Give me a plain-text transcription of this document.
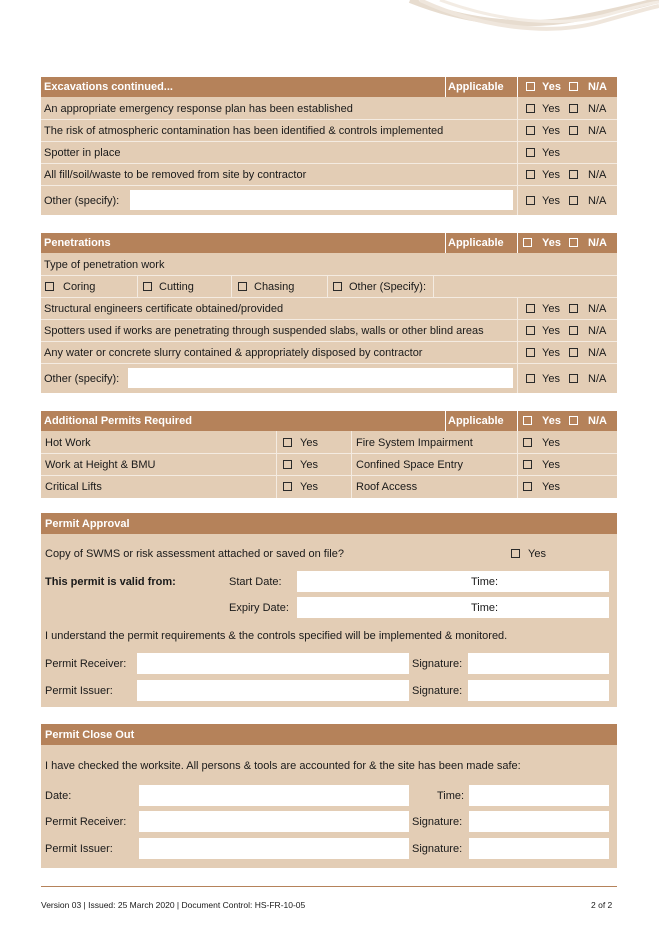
Excavations continued...	Applicable	Yes N/A
An appropriate emergency response plan has been established	Yes	N/A
The risk of atmospheric contamination has been identified & controls implemented	Yes	N/A
Spotter in place	Yes
All fill/soil/waste to be removed from site by contractor	Yes	N/A
Other (specify):	Yes	N/A
Penetrations	Applicable	Yes N/A
Type of penetration work
Coring	Cutting	Chasing	Other (Specify):
Structural engineers certificate obtained/provided	Yes	N/A
Spotters used if works are penetrating through suspended slabs, walls or other blind areas	Yes	N/A
Any water or concrete slurry contained & appropriately disposed by contractor	Yes	N/A
Other (specify):	Yes	N/A
Additional Permits Required	Applicable	Yes N/A
Hot Work	Yes	Fire System Impairment	Yes
Work at Height & BMU	Yes	Confined Space Entry	Yes
Critical Lifts	Yes	Roof Access	Yes
Permit Approval
Copy of SWMS or risk assessment attached or saved on file?	Yes
This permit is valid from:	Start Date:	Time:
Expiry Date:	Time:
I understand the permit requirements & the controls specified will be implemented & monitored.
Permit Receiver:	Signature:
Permit Issuer:	Signature:
Permit Close Out
I have checked the worksite. All persons & tools are accounted for & the site has been made safe:
Date:	Time:
Permit Receiver:	Signature:
Permit Issuer:	Signature:
Version 03 | Issued: 25 March 2020 | Document Control: HS-FR-10-05	2 of 2
